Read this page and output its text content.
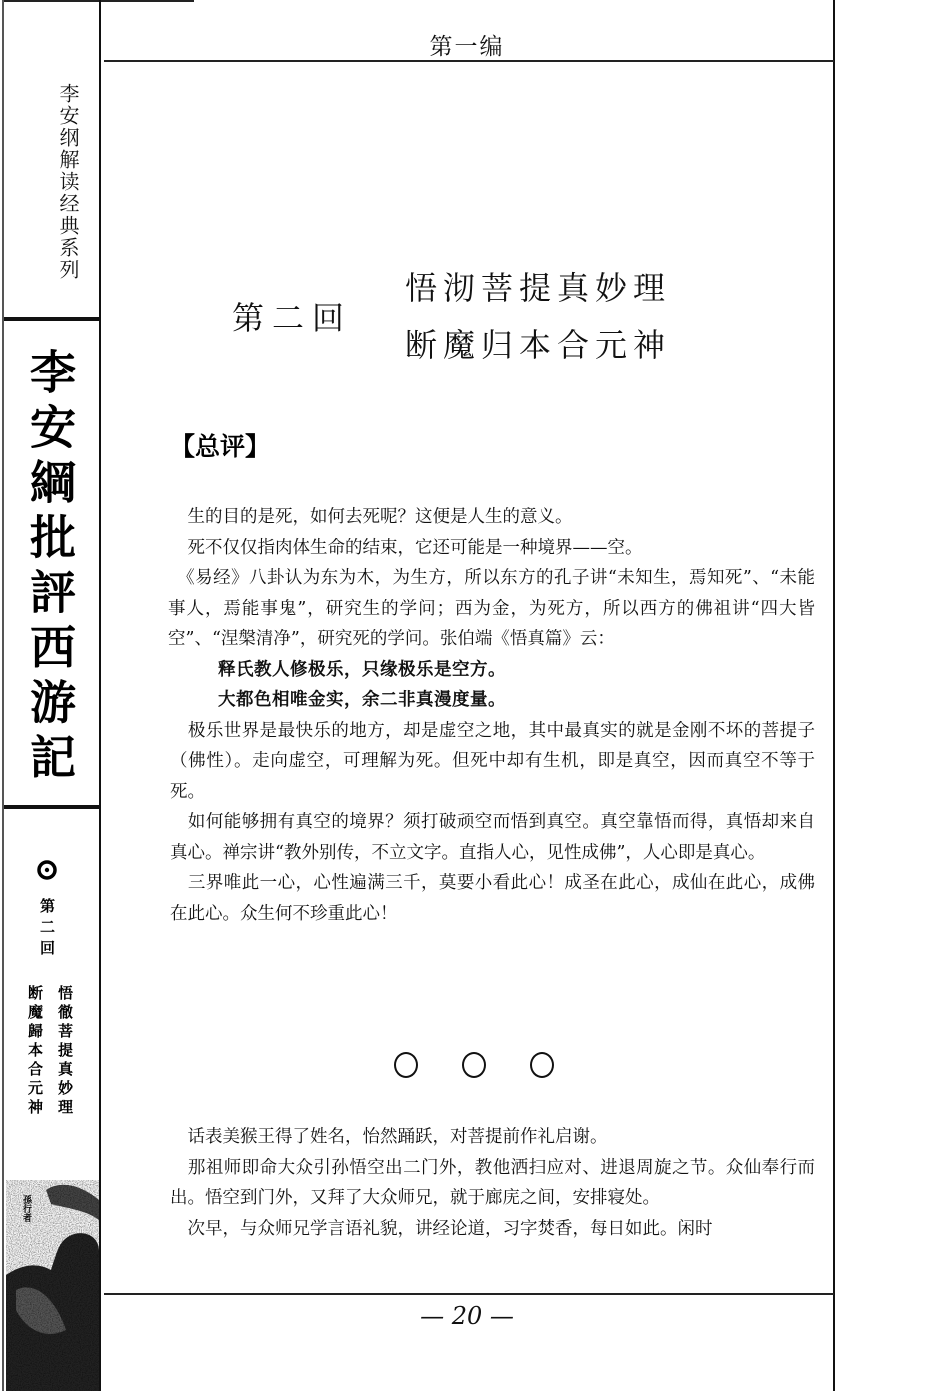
李安纲解读经典系列
李安綱批評西游記
第二回
悟徹菩提真妙理 断魔歸本合元神
孫行者
第一编
第二回
悟沏菩提真妙理
断魔归本合元神
【总评】

　生的目的是死，如何去死呢？这便是人生的意义。

　死不仅仅指肉体生命的结束，它还可能是一种境界——空。

　《易经》八卦认为东为木，为生方，所以东方的孔子讲“未知生，焉知死”、“未能事人，焉能事鬼”，研究生的学问；西为金，为死方，所以西方的佛祖讲“四大皆空”、“涅槃清净”，研究死的学问。张伯端《悟真篇》云：

释氏教人修极乐，只缘极乐是空方。

大都色相唯金实，余二非真漫度量。

　极乐世界是最快乐的地方，却是虚空之地，其中最真实的就是金刚不坏的菩提子（佛性）。走向虚空，可理解为死。但死中却有生机，即是真空，因而真空不等于死。

　如何能够拥有真空的境界？须打破顽空而悟到真空。真空靠悟而得，真悟却来自真心。禅宗讲“教外别传，不立文字。直指人心，见性成佛”，人心即是真心。

　三界唯此一心，心性遍满三千，莫要小看此心！成圣在此心，成仙在此心，成佛在此心。众生何不珍重此心！

　话表美猴王得了姓名，怡然踊跃，对菩提前作礼启谢。

　那祖师即命大众引孙悟空出二门外，教他洒扫应对、进退周旋之节。众仙奉行而出。悟空到门外，又拜了大众师兄，就于廊庑之间，安排寝处。

　次早，与众师兄学言语礼貌，讲经论道，习字焚香，每日如此。闲时

— 20 —
